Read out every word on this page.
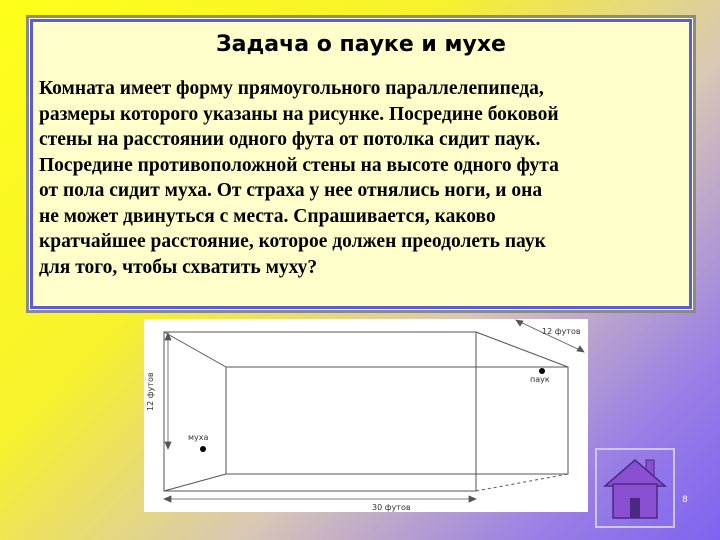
Задача о пауке и мухе
Комната имеет форму прямоугольного параллелепипеда,
размеры которого указаны на рисунке. Посредине боковой
стены на расстоянии одного фута от потолка сидит паук.
Посредине противоположной стены на высоте одного фута
от пола сидит муха. От страха у нее отнялись ноги, и она
не может двинуться с места. Спрашивается, каково
кратчайшее расстояние, которое должен преодолеть паук
для того, чтобы схватить муху?
12 футов
30 футов
12 футов
паук
муха
8
